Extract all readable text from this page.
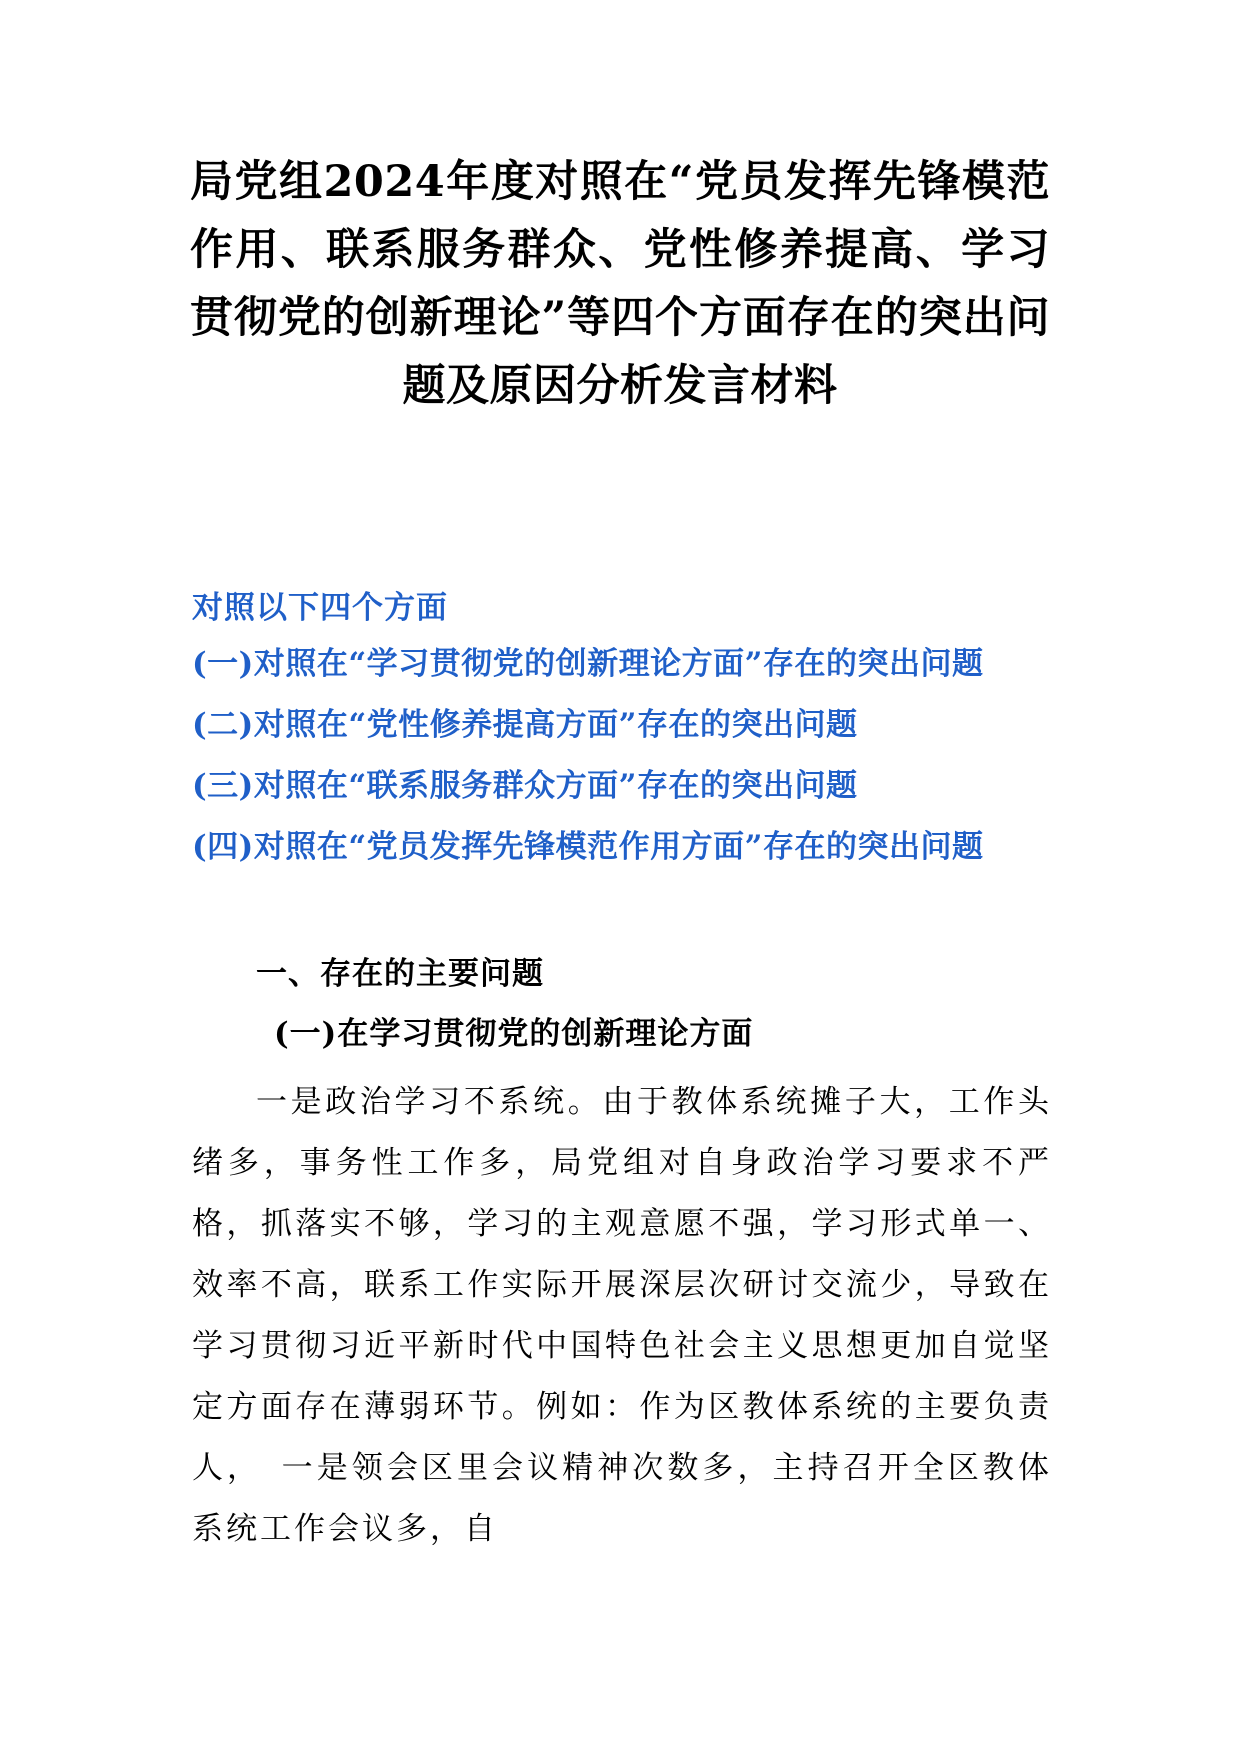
局党组2024年度对照在“党员发挥先锋模范作用、联系服务群众、党性修养提高、学习贯彻党的创新理论”等四个方面存在的突出问题及原因分析发言材料
对照以下四个方面
(一)对照在“学习贯彻党的创新理论方面”存在的突出问题
(二)对照在“党性修养提高方面”存在的突出问题
(三)对照在“联系服务群众方面”存在的突出问题
(四)对照在“党员发挥先锋模范作用方面”存在的突出问题
一、存在的主要问题
(一)在学习贯彻党的创新理论方面

一是政治学习不系统。由于教体系统摊子大，工作头绪多，事务性工作多，局党组对自身政治学习要求不严格，抓落实不够，学习的主观意愿不强，学习形式单一、效率不高，联系工作实际开展深层次研讨交流少，导致在学习贯彻习近平新时代中国特色社会主义思想更加自觉坚定方面存在薄弱环节。例如：作为区教体系统的主要负责人，　一是领会区里会议精神次数多，主持召开全区教体系统工作会议多，自
